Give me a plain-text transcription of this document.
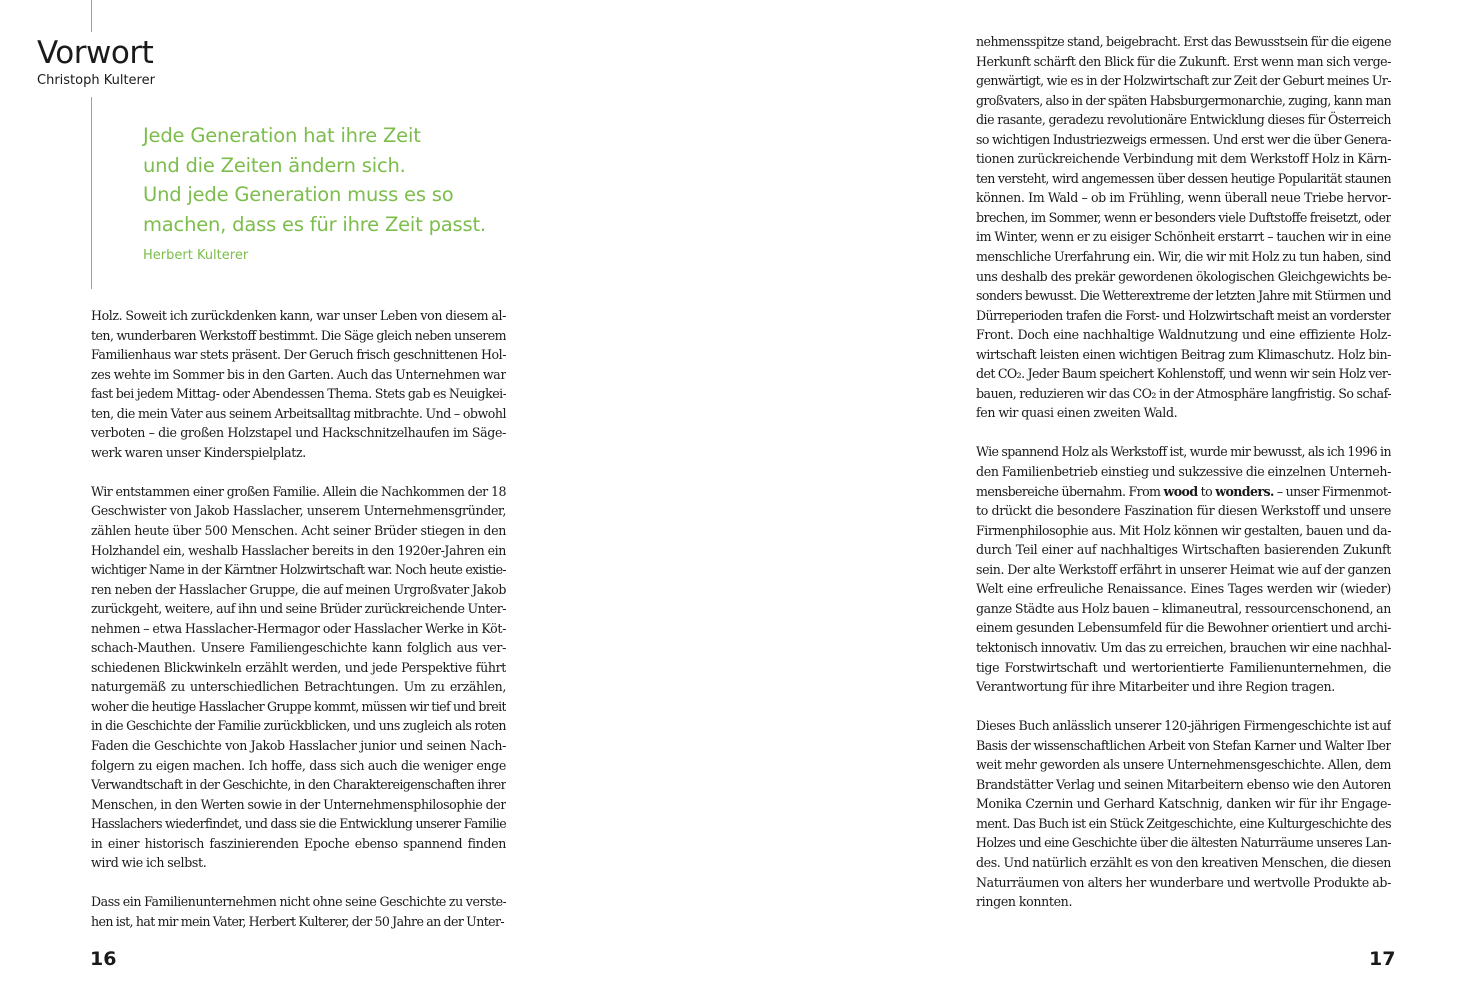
Vorwort
Christoph Kulterer
Jede Generation hat ihre Zeit
und die Zeiten ändern sich.
Und jede Generation muss es so
machen, dass es für ihre Zeit passt.
Herbert Kulterer
Holz. Soweit ich zurückdenken kann, war unser Leben von diesem al-
ten, wunderbaren Werkstoff bestimmt. Die Säge gleich neben unserem
Familienhaus war stets präsent. Der Geruch frisch geschnittenen Hol-
zes wehte im Sommer bis in den Garten. Auch das Unternehmen war
fast bei jedem Mittag- oder Abendessen Thema. Stets gab es Neuigkei-
ten, die mein Vater aus seinem Arbeitsalltag mitbrachte. Und – obwohl
verboten – die großen Holzstapel und Hackschnitzelhaufen im Säge-
werk waren unser Kinderspielplatz.
Wir entstammen einer großen Familie. Allein die Nachkommen der 18
Geschwister von Jakob Hasslacher, unserem Unternehmensgründer,
zählen heute über 500 Menschen. Acht seiner Brüder stiegen in den
Holzhandel ein, weshalb Hasslacher bereits in den 1920er-Jahren ein
wichtiger Name in der Kärntner Holzwirtschaft war. Noch heute existie-
ren neben der Hasslacher Gruppe, die auf meinen Urgroßvater Jakob
zurückgeht, weitere, auf ihn und seine Brüder zurückreichende Unter-
nehmen – etwa Hasslacher-Hermagor oder Hasslacher Werke in Köt-
schach-Mauthen. Unsere Familiengeschichte kann folglich aus ver-
schiedenen Blickwinkeln erzählt werden, und jede Perspektive führt
naturgemäß zu unterschiedlichen Betrachtungen. Um zu erzählen,
woher die heutige Hasslacher Gruppe kommt, müssen wir tief und breit
in die Geschichte der Familie zurückblicken, und uns zugleich als roten
Faden die Geschichte von Jakob Hasslacher junior und seinen Nach-
folgern zu eigen machen. Ich hoffe, dass sich auch die weniger enge
Verwandtschaft in der Geschichte, in den Charaktereigenschaften ihrer
Menschen, in den Werten sowie in der Unternehmensphilosophie der
Hasslachers wiederfindet, und dass sie die Entwicklung unserer Familie
in einer historisch faszinierenden Epoche ebenso spannend finden
wird wie ich selbst.
Dass ein Familienunternehmen nicht ohne seine Geschichte zu verste-
hen ist, hat mir mein Vater, Herbert Kulterer, der 50 Jahre an der Unter-
nehmensspitze stand, beigebracht. Erst das Bewusstsein für die eigene
Herkunft schärft den Blick für die Zukunft. Erst wenn man sich verge-
genwärtigt, wie es in der Holzwirtschaft zur Zeit der Geburt meines Ur-
großvaters, also in der späten Habsburgermonarchie, zuging, kann man
die rasante, geradezu revolutionäre Entwicklung dieses für Österreich
so wichtigen Industriezweigs ermessen. Und erst wer die über Genera-
tionen zurückreichende Verbindung mit dem Werkstoff Holz in Kärn-
ten versteht, wird angemessen über dessen heutige Popularität staunen
können. Im Wald – ob im Frühling, wenn überall neue Triebe hervor-
brechen, im Sommer, wenn er besonders viele Duftstoffe freisetzt, oder
im Winter, wenn er zu eisiger Schönheit erstarrt – tauchen wir in eine
menschliche Urerfahrung ein. Wir, die wir mit Holz zu tun haben, sind
uns deshalb des prekär gewordenen ökologischen Gleichgewichts be-
sonders bewusst. Die Wetterextreme der letzten Jahre mit Stürmen und
Dürreperioden trafen die Forst- und Holzwirtschaft meist an vorderster
Front. Doch eine nachhaltige Waldnutzung und eine effiziente Holz-
wirtschaft leisten einen wichtigen Beitrag zum Klimaschutz. Holz bin-
det CO₂. Jeder Baum speichert Kohlenstoff, und wenn wir sein Holz ver-
bauen, reduzieren wir das CO₂ in der Atmosphäre langfristig. So schaf-
fen wir quasi einen zweiten Wald.
Wie spannend Holz als Werkstoff ist, wurde mir bewusst, als ich 1996 in
den Familienbetrieb einstieg und sukzessive die einzelnen Unterneh-
mensbereiche übernahm. From wood to wonders. – unser Firmenmot-
to drückt die besondere Faszination für diesen Werkstoff und unsere
Firmenphilosophie aus. Mit Holz können wir gestalten, bauen und da-
durch Teil einer auf nachhaltiges Wirtschaften basierenden Zukunft
sein. Der alte Werkstoff erfährt in unserer Heimat wie auf der ganzen
Welt eine erfreuliche Renaissance. Eines Tages werden wir (wieder)
ganze Städte aus Holz bauen – klimaneutral, ressourcenschonend, an
einem gesunden Lebensumfeld für die Bewohner orientiert und archi-
tektonisch innovativ. Um das zu erreichen, brauchen wir eine nachhal-
tige Forstwirtschaft und wertorientierte Familienunternehmen, die
Verantwortung für ihre Mitarbeiter und ihre Region tragen.
Dieses Buch anlässlich unserer 120-jährigen Firmengeschichte ist auf
Basis der wissenschaftlichen Arbeit von Stefan Karner und Walter Iber
weit mehr geworden als unsere Unternehmensgeschichte. Allen, dem
Brandstätter Verlag und seinen Mitarbeitern ebenso wie den Autoren
Monika Czernin und Gerhard Katschnig, danken wir für ihr Engage-
ment. Das Buch ist ein Stück Zeitgeschichte, eine Kulturgeschichte des
Holzes und eine Geschichte über die ältesten Naturräume unseres Lan-
des. Und natürlich erzählt es von den kreativen Menschen, die diesen
Naturräumen von alters her wunderbare und wertvolle Produkte ab-
ringen konnten.
16	17
